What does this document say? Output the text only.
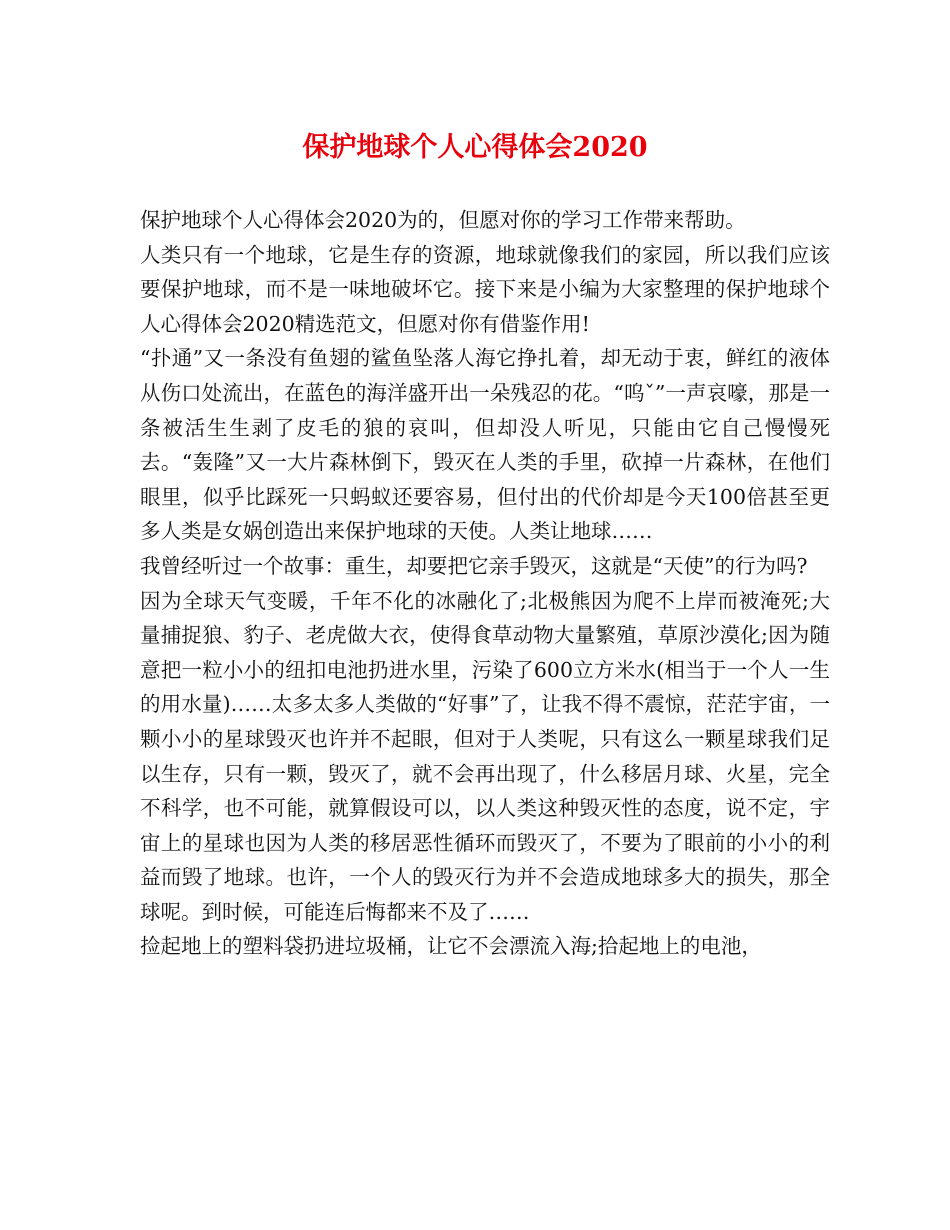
保护地球个人心得体会2020

保护地球个人心得体会2020为的，但愿对你的学习工作带来帮助。

人类只有一个地球，它是生存的资源，地球就像我们的家园，所以我们应该要保护地球，而不是一味地破坏它。接下来是小编为大家整理的保护地球个人心得体会2020精选范文，但愿对你有借鉴作用!

“扑通”又一条没有鱼翅的鲨鱼坠落人海它挣扎着，却无动于衷，鲜红的液体从伤口处流出，在蓝色的海洋盛开出一朵残忍的花。“呜ˇ”一声哀嚎，那是一条被活生生剥了皮毛的狼的哀叫，但却没人听见，只能由它自己慢慢死去。“轰隆”又一大片森林倒下，毁灭在人类的手里，砍掉一片森林，在他们眼里，似乎比踩死一只蚂蚁还要容易，但付出的代价却是今天100倍甚至更多人类是女娲创造出来保护地球的天使。人类让地球……

我曾经听过一个故事：重生，却要把它亲手毁灭，这就是“天使”的行为吗?

因为全球天气变暖，千年不化的冰融化了;北极熊因为爬不上岸而被淹死;大量捕捉狼、豹子、老虎做大衣，使得食草动物大量繁殖，草原沙漠化;因为随意把一粒小小的纽扣电池扔进水里，污染了600立方米水(相当于一个人一生的用水量)……太多太多人类做的“好事”了，让我不得不震惊，茫茫宇宙，一颗小小的星球毁灭也许并不起眼，但对于人类呢，只有这么一颗星球我们足以生存，只有一颗，毁灭了，就不会再出现了，什么移居月球、火星，完全不科学，也不可能，就算假设可以，以人类这种毁灭性的态度，说不定，宇宙上的星球也因为人类的移居恶性循环而毁灭了，不要为了眼前的小小的利益而毁了地球。也许，一个人的毁灭行为并不会造成地球多大的损失，那全球呢。到时候，可能连后悔都来不及了……

捡起地上的塑料袋扔进垃圾桶，让它不会漂流入海;拾起地上的电池，
